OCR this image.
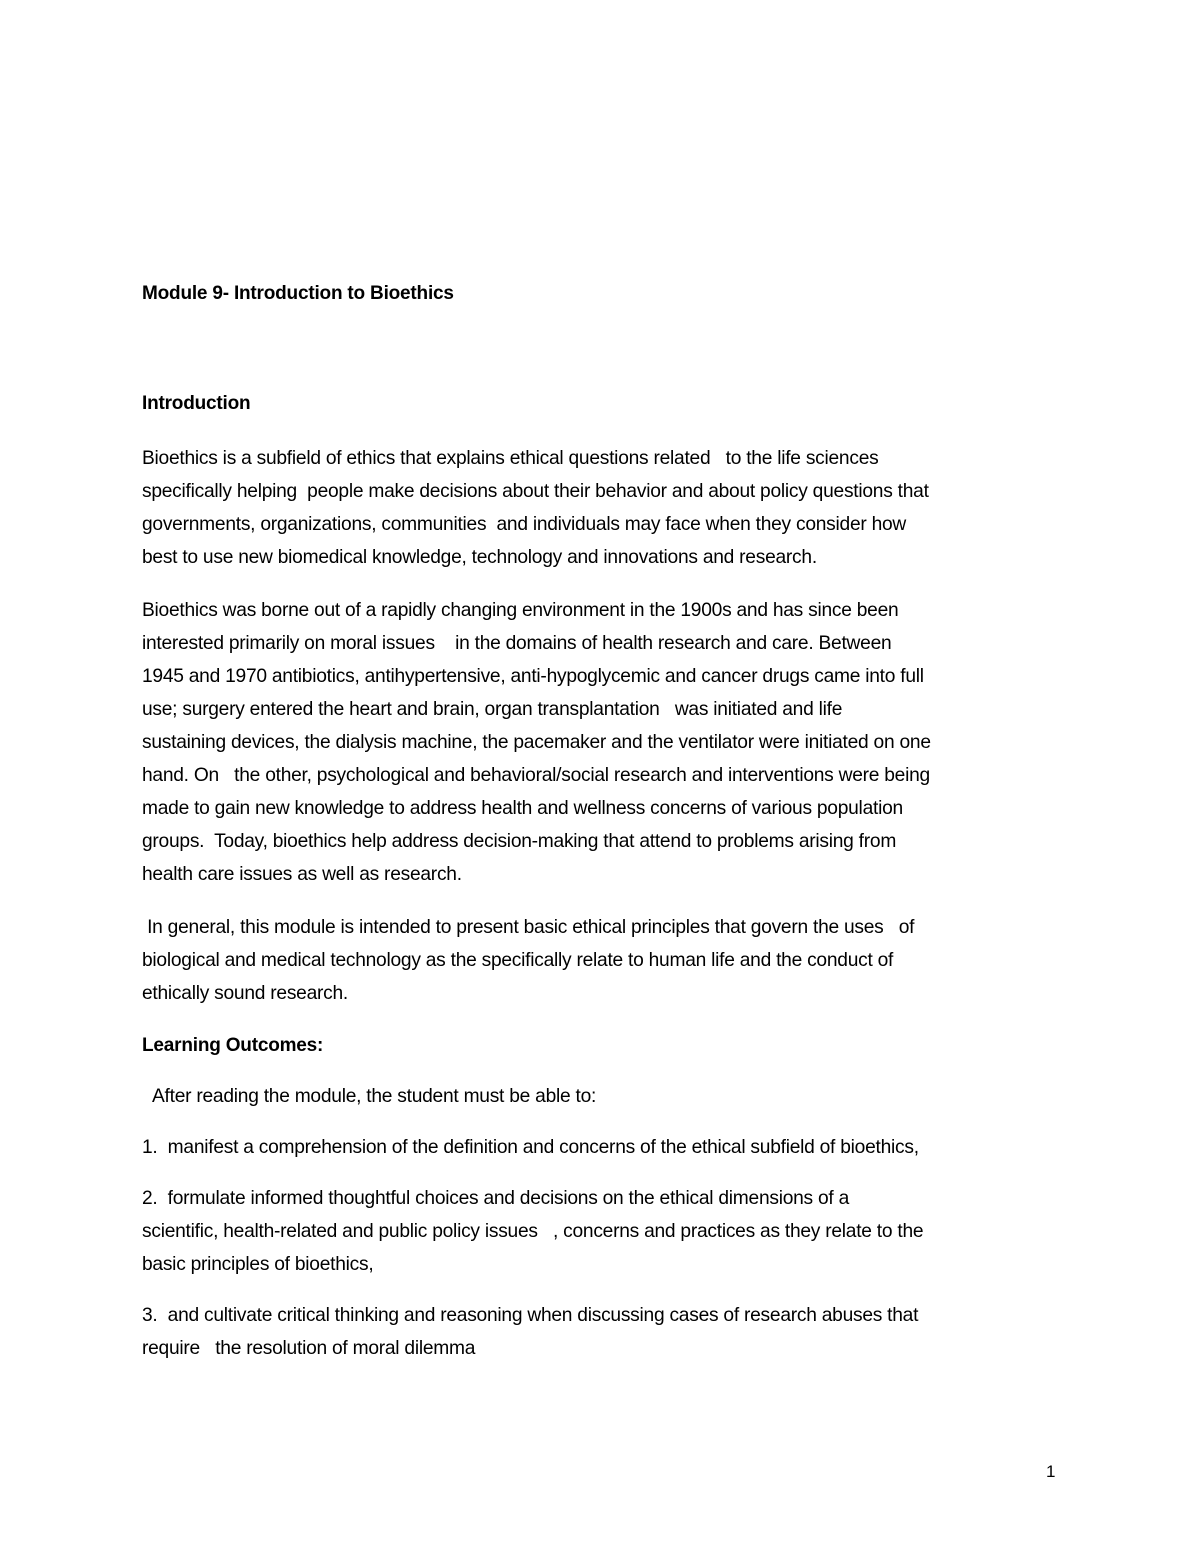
Module 9- Introduction to Bioethics
Introduction

Bioethics is a subfield of ethics that explains ethical questions related   to the life sciences
specifically helping  people make decisions about their behavior and about policy questions that
governments, organizations, communities  and individuals may face when they consider how
best to use new biomedical knowledge, technology and innovations and research.

Bioethics was borne out of a rapidly changing environment in the 1900s and has since been
interested primarily on moral issues    in the domains of health research and care. Between
1945 and 1970 antibiotics, antihypertensive, anti-hypoglycemic and cancer drugs came into full
use; surgery entered the heart and brain, organ transplantation   was initiated and life
sustaining devices, the dialysis machine, the pacemaker and the ventilator were initiated on one
hand. On   the other, psychological and behavioral/social research and interventions were being
made to gain new knowledge to address health and wellness concerns of various population
groups.  Today, bioethics help address decision-making that attend to problems arising from
health care issues as well as research.

In general, this module is intended to present basic ethical principles that govern the uses   of
biological and medical technology as the specifically relate to human life and the conduct of
ethically sound research.

Learning Outcomes:

After reading the module, the student must be able to:

1.  manifest a comprehension of the definition and concerns of the ethical subfield of bioethics,

2.  formulate informed thoughtful choices and decisions on the ethical dimensions of a
scientific, health-related and public policy issues   , concerns and practices as they relate to the
basic principles of bioethics,

3.  and cultivate critical thinking and reasoning when discussing cases of research abuses that
require   the resolution of moral dilemma

1
